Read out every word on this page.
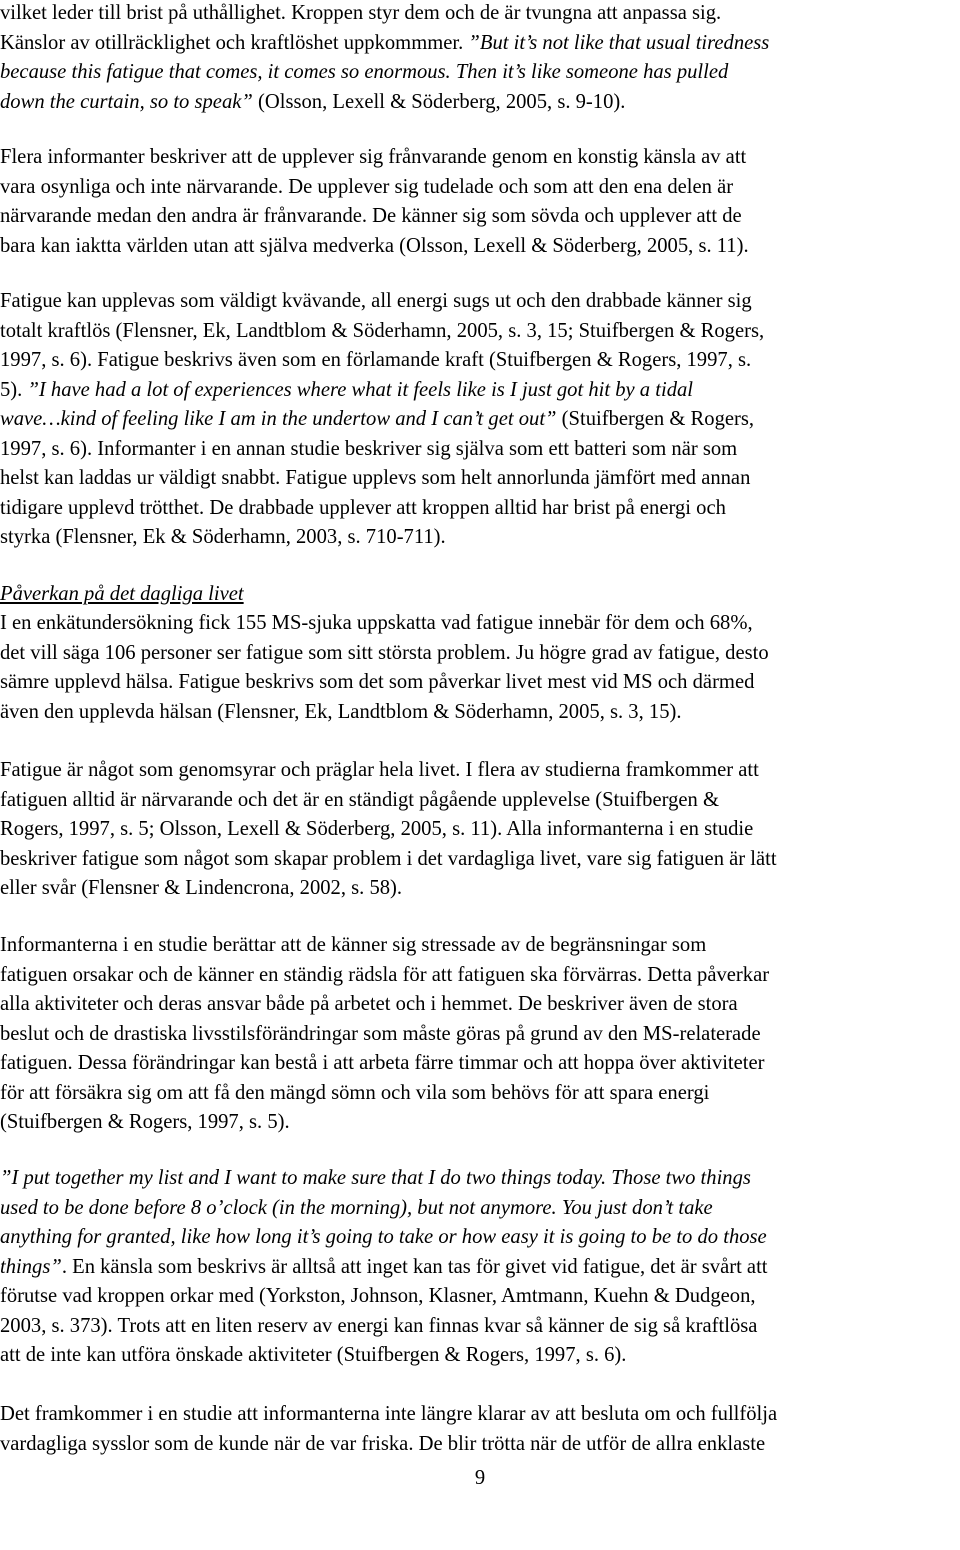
vilket leder till brist på uthållighet. Kroppen styr dem och de är tvungna att anpassa sig.
Känslor av otillräcklighet och kraftlöshet uppkommmer. ”But it’s not like that usual tiredness
because this fatigue that comes, it comes so enormous. Then it’s like someone has pulled
down the curtain, so to speak” (Olsson, Lexell & Söderberg, 2005, s. 9-10).

Flera informanter beskriver att de upplever sig frånvarande genom en konstig känsla av att
vara osynliga och inte närvarande. De upplever sig tudelade och som att den ena delen är
närvarande medan den andra är frånvarande. De känner sig som sövda och upplever att de
bara kan iaktta världen utan att själva medverka (Olsson, Lexell & Söderberg, 2005, s. 11).

Fatigue kan upplevas som väldigt kvävande, all energi sugs ut och den drabbade känner sig
totalt kraftlös (Flensner, Ek, Landtblom & Söderhamn, 2005, s. 3, 15; Stuifbergen & Rogers,
1997, s. 6). Fatigue beskrivs även som en förlamande kraft (Stuifbergen & Rogers, 1997, s.
5). ”I have had a lot of experiences where what it feels like is I just got hit by a tidal
wave…kind of feeling like I am in the undertow and I can’t get out” (Stuifbergen & Rogers,
1997, s. 6). Informanter i en annan studie beskriver sig själva som ett batteri som när som
helst kan laddas ur väldigt snabbt. Fatigue upplevs som helt annorlunda jämfört med annan
tidigare upplevd trötthet. De drabbade upplever att kroppen alltid har brist på energi och
styrka (Flensner, Ek & Söderhamn, 2003, s. 710-711).

Påverkan på det dagliga livet

I en enkätundersökning fick 155 MS-sjuka uppskatta vad fatigue innebär för dem och 68%,
det vill säga 106 personer ser fatigue som sitt största problem. Ju högre grad av fatigue, desto
sämre upplevd hälsa. Fatigue beskrivs som det som påverkar livet mest vid MS och därmed
även den upplevda hälsan (Flensner, Ek, Landtblom & Söderhamn, 2005, s. 3, 15).

Fatigue är något som genomsyrar och präglar hela livet. I flera av studierna framkommer att
fatiguen alltid är närvarande och det är en ständigt pågående upplevelse (Stuifbergen &
Rogers, 1997, s. 5; Olsson, Lexell & Söderberg, 2005, s. 11). Alla informanterna i en studie
beskriver fatigue som något som skapar problem i det vardagliga livet, vare sig fatiguen är lätt
eller svår (Flensner & Lindencrona, 2002, s. 58).

Informanterna i en studie berättar att de känner sig stressade av de begränsningar som
fatiguen orsakar och de känner en ständig rädsla för att fatiguen ska förvärras. Detta påverkar
alla aktiviteter och deras ansvar både på arbetet och i hemmet. De beskriver även de stora
beslut och de drastiska livsstilsförändringar som måste göras på grund av den MS-relaterade
fatiguen. Dessa förändringar kan bestå i att arbeta färre timmar och att hoppa över aktiviteter
för att försäkra sig om att få den mängd sömn och vila som behövs för att spara energi
(Stuifbergen & Rogers, 1997, s. 5).

”I put together my list and I want to make sure that I do two things today. Those two things
used to be done before 8 o’clock (in the morning), but not anymore. You just don’t take
anything for granted, like how long it’s going to take or how easy it is going to be to do those
things”. En känsla som beskrivs är alltså att inget kan tas för givet vid fatigue, det är svårt att
förutse vad kroppen orkar med (Yorkston, Johnson, Klasner, Amtmann, Kuehn & Dudgeon,
2003, s. 373). Trots att en liten reserv av energi kan finnas kvar så känner de sig så kraftlösa
att de inte kan utföra önskade aktiviteter (Stuifbergen & Rogers, 1997, s. 6).

Det framkommer i en studie att informanterna inte längre klarar av att besluta om och fullfölja
vardagliga sysslor som de kunde när de var friska. De blir trötta när de utför de allra enklaste

9
